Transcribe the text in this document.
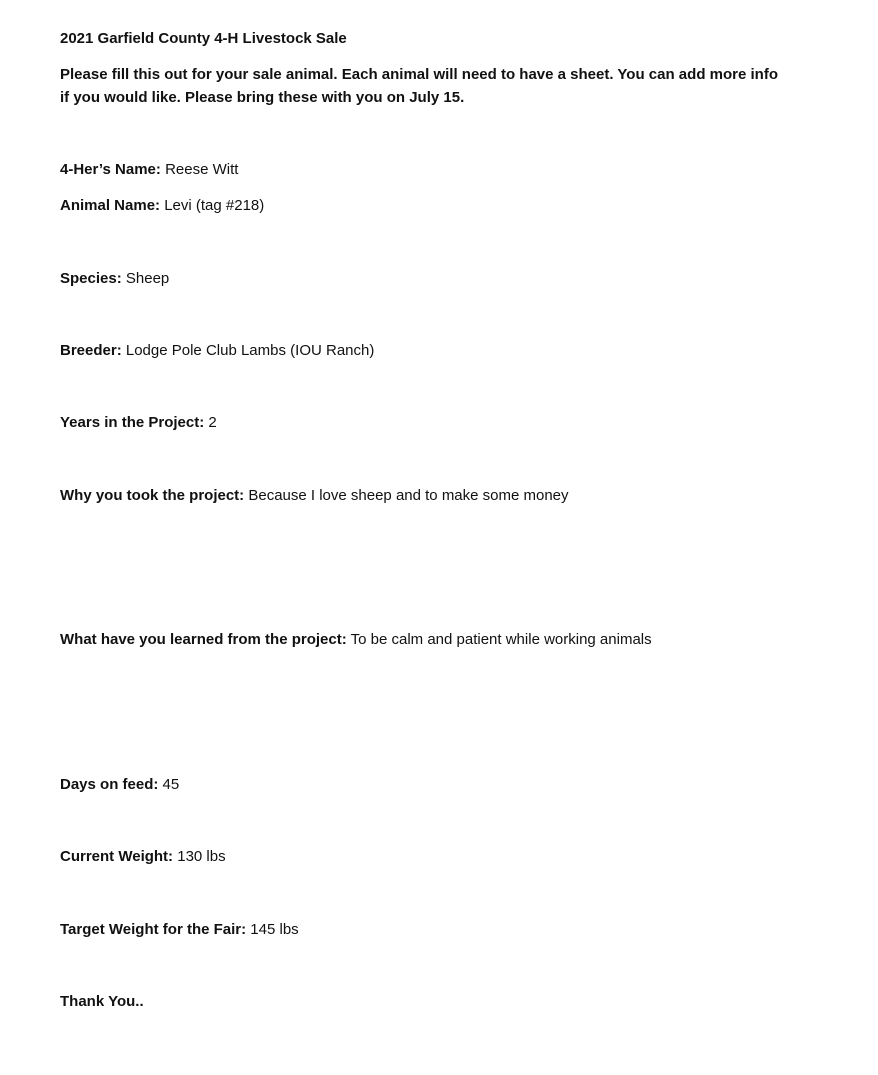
2021 Garfield County 4-H Livestock Sale
Please fill this out for your sale animal. Each animal will need to have a sheet. You can add more info
if you would like. Please bring these with you on July 15.
4-Her’s Name: Reese Witt
Animal Name: Levi (tag #218)
Species: Sheep
Breeder: Lodge Pole Club Lambs (IOU Ranch)
Years in the Project: 2
Why you took the project: Because I love sheep and to make some money
What have you learned from the project: To be calm and patient while working animals
Days on feed: 45
Current Weight: 130 lbs
Target Weight for the Fair: 145 lbs
Thank You..
